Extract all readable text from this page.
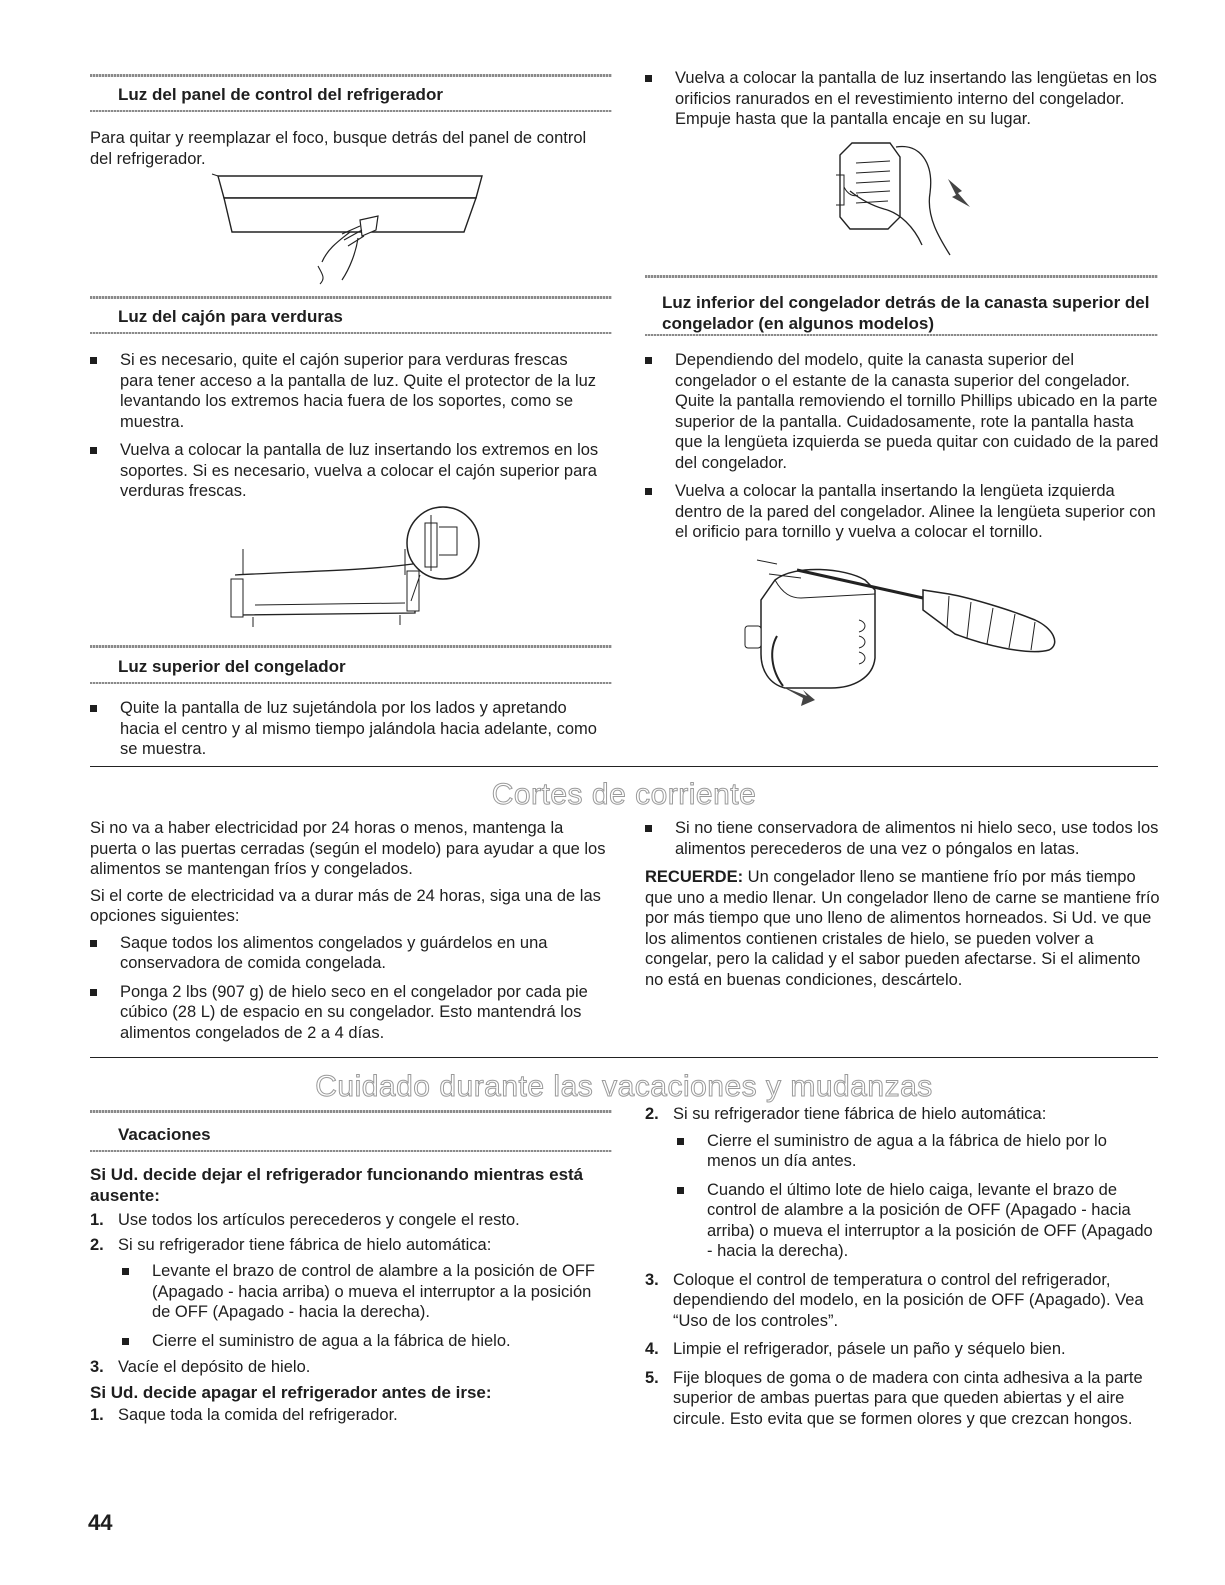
Luz del panel de control del refrigerador

Para quitar y reemplazar el foco, busque detrás del panel de control del refrigerador.

Luz del cajón para verduras
Si es necesario, quite el cajón superior para verduras frescas para tener acceso a la pantalla de luz. Quite el protector de la luz levantando los extremos hacia fuera de los soportes, como se muestra.
Vuelva a colocar la pantalla de luz insertando los extremos en los soportes. Si es necesario, vuelva a colocar el cajón superior para verduras frescas.
Luz superior del congelador
Quite la pantalla de luz sujetándola por los lados y apretando hacia el centro y al mismo tiempo jalándola hacia adelante, como se muestra.
Vuelva a colocar la pantalla de luz insertando las lengüetas en los orificios ranurados en el revestimiento interno del congelador. Empuje hasta que la pantalla encaje en su lugar.
Luz inferior del congelador detrás de la canasta superior del congelador (en algunos modelos)
Dependiendo del modelo, quite la canasta superior del congelador o el estante de la canasta superior del congelador. Quite la pantalla removiendo el tornillo Phillips ubicado en la parte superior de la pantalla. Cuidadosamente, rote la pantalla hasta que la lengüeta izquierda se pueda quitar con cuidado de la pared del congelador.
Vuelva a colocar la pantalla insertando la lengüeta izquierda dentro de la pared del congelador. Alinee la lengüeta superior con el orificio para tornillo y vuelva a colocar el tornillo.
Cortes de corriente

Si no va a haber electricidad por 24 horas o menos, mantenga la puerta o las puertas cerradas (según el modelo) para ayudar a que los alimentos se mantengan fríos y congelados.

Si el corte de electricidad va a durar más de 24 horas, siga una de las opciones siguientes:

Saque todos los alimentos congelados y guárdelos en una conservadora de comida congelada.
Ponga 2 lbs (907 g) de hielo seco en el congelador por cada pie cúbico (28 L) de espacio en su congelador. Esto mantendrá los alimentos congelados de 2 a 4 días.
Si no tiene conservadora de alimentos ni hielo seco, use todos los alimentos perecederos de una vez o póngalos en latas.

RECUERDE: Un congelador lleno se mantiene frío por más tiempo que uno a medio llenar. Un congelador lleno de carne se mantiene frío por más tiempo que uno lleno de alimentos horneados. Si Ud. ve que los alimentos contienen cristales de hielo, se pueden volver a congelar, pero la calidad y el sabor pueden afectarse. Si el alimento no está en buenas condiciones, descártelo.

Cuidado durante las vacaciones y mudanzas
Vacaciones
Si Ud. decide dejar el refrigerador funcionando mientras está ausente:
1. Use todos los artículos perecederos y congele el resto.
2. Si su refrigerador tiene fábrica de hielo automática:
Levante el brazo de control de alambre a la posición de OFF (Apagado - hacia arriba) o mueva el interruptor a la posición de OFF (Apagado - hacia la derecha).
Cierre el suministro de agua a la fábrica de hielo.
3. Vacíe el depósito de hielo.
Si Ud. decide apagar el refrigerador antes de irse:
1. Saque toda la comida del refrigerador.
2. Si su refrigerador tiene fábrica de hielo automática:
Cierre el suministro de agua a la fábrica de hielo por lo menos un día antes.
Cuando el último lote de hielo caiga, levante el brazo de control de alambre a la posición de OFF (Apagado - hacia arriba) o mueva el interruptor a la posición de OFF (Apagado - hacia la derecha).
3. Coloque el control de temperatura o control del refrigerador, dependiendo del modelo, en la posición de OFF (Apagado). Vea “Uso de los controles”.
4. Limpie el refrigerador, pásele un paño y séquelo bien.
5. Fije bloques de goma o de madera con cinta adhesiva a la parte superior de ambas puertas para que queden abiertas y el aire circule. Esto evita que se formen olores y que crezcan hongos.
44
